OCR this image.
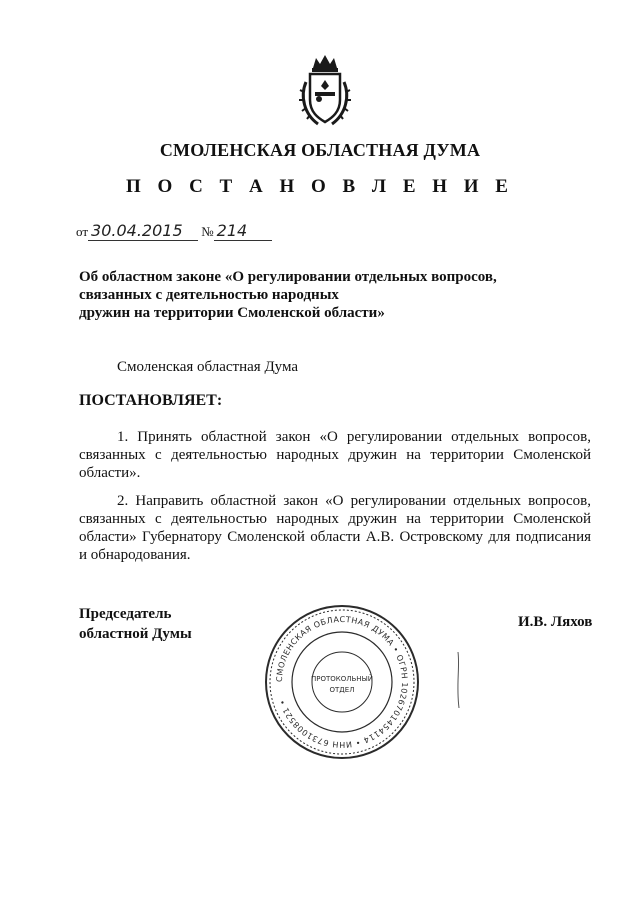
СМОЛЕНСКАЯ ОБЛАСТНАЯ ДУМА
П О С Т А Н О В Л Е Н И Е
от 30.04.2015 № 214
Об областном законе «О регулировании отдельных вопросов,
связанных с деятельностью народных
дружин на территории Смоленской области»
Смоленская областная Дума
ПОСТАНОВЛЯЕТ:
1. Принять областной закон «О регулировании отдельных вопросов, связанных с деятельностью народных дружин на территории Смоленской области».
2. Направить областной закон «О регулировании отдельных вопросов, связанных с деятельностью народных дружин на территории Смоленской области» Губернатору Смоленской области А.В. Островскому для подписания и обнародования.
Председатель
областной Думы
И.В. Ляхов
СМОЛЕНСКАЯ ОБЛАСТНАЯ ДУМА • ОГРН 1026701454114 • ИНН 6731008521 •
ПРОТОКОЛЬНЫЙ
ОТДЕЛ
